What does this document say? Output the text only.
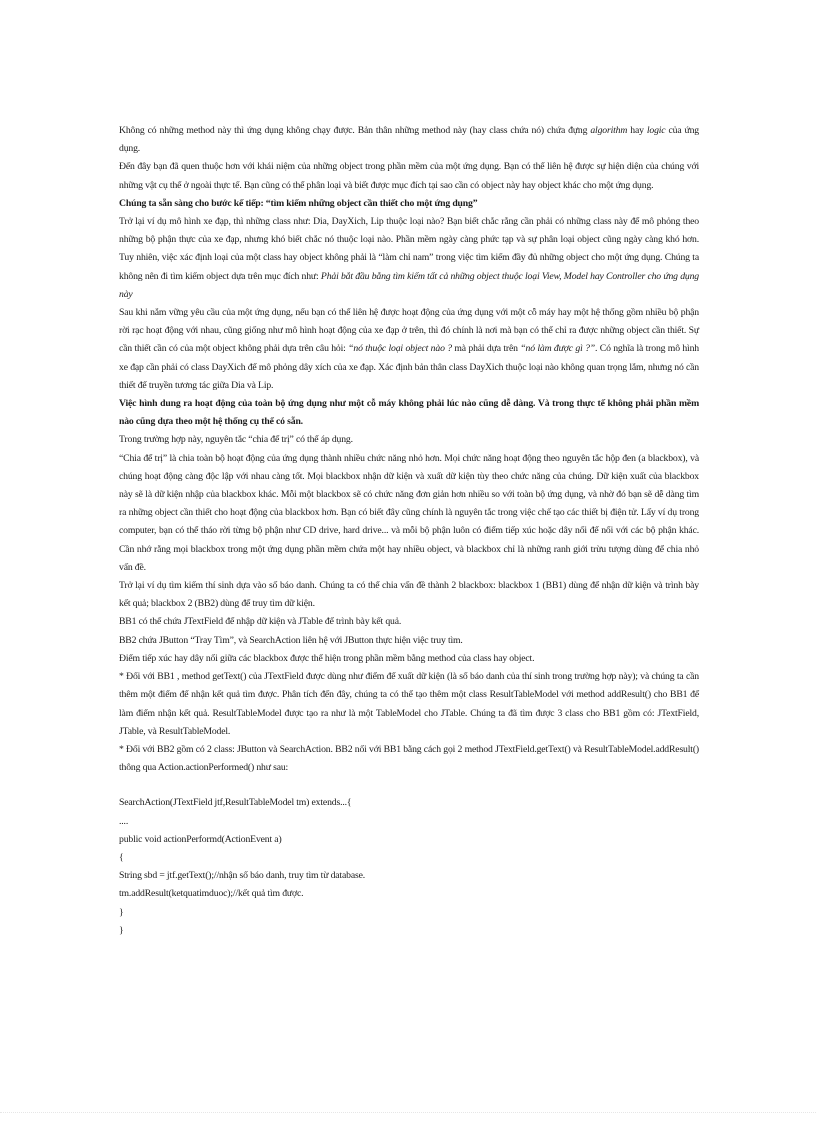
Không có những method này thì ứng dụng không chạy được. Bản thân những method này (hay class chứa nó) chứa đựng algorithm hay logic của ứng dụng.

Đến đây bạn đã quen thuộc hơn với khái niệm của những object trong phần mềm của một ứng dụng. Bạn có thể liên hệ được sự hiện diện của chúng với những vật cụ thể ở ngoài thực tế. Bạn cũng có thể phân loại và biết được mục đích tại sao cần có object này hay object khác cho một ứng dụng.

Chúng ta sẵn sàng cho bước kế tiếp: “tìm kiếm những object cần thiết cho một ứng dụng”

Trở lại ví dụ mô hình xe đạp, thì những class như: Dia, DayXich, Lip thuộc loại nào? Bạn biết chắc rằng cần phải có những class này để mô phỏng theo những bộ phận thực của xe đạp, nhưng khó biết chắc nó thuộc loại nào. Phần mềm ngày càng phức tạp và sự phân loại object cũng ngày càng khó hơn. Tuy nhiên, việc xác định loại của một class hay object không phải là “làm chỉ nam” trong việc tìm kiếm đầy đủ những object cho một ứng dụng. Chúng ta không nên đi tìm kiếm object dựa trên mục đích như: Phải bắt đầu bằng tìm kiếm tất cả những object thuộc loại View, Model hay Controller cho ứng dụng này

Sau khi nắm vững yêu cầu của một ứng dụng, nếu bạn có thể liên hệ được hoạt động của ứng dụng với một cỗ máy hay một hệ thống gồm nhiều bộ phận rời rạc hoạt động với nhau, cũng giống như mô hình hoạt động của xe đạp ở trên, thì đó chính là nơi mà bạn có thể chỉ ra được những object cần thiết. Sự cần thiết cần có của một object không phải dựa trên câu hỏi: “nó thuộc loại object nào ? mà phải dựa trên “nó làm được gì ?”. Có nghĩa là trong mô hình xe đạp cần phải có class DayXich để mô phỏng dây xích của xe đạp. Xác định bản thân class DayXich thuộc loại nào không quan trọng lắm, nhưng nó cần thiết để truyền tương tác giữa Dia và Lip.

Việc hình dung ra hoạt động của toàn bộ ứng dụng như một cỗ máy không phải lúc nào cũng dễ dàng. Và trong thực tế không phải phần mềm nào cũng dựa theo một hệ thống cụ thể có sẵn.

Trong trường hợp này, nguyên tắc “chia để trị” có thể áp dụng.

“Chia để trị” là chia toàn bộ hoạt động của ứng dụng thành nhiều chức năng nhỏ hơn. Mọi chức năng hoạt động theo nguyên tắc hộp đen (a blackbox), và chúng hoạt động càng độc lập với nhau càng tốt. Mọi blackbox nhận dữ kiện và xuất dữ kiện tùy theo chức năng của chúng. Dữ kiện xuất của blackbox này sẽ là dữ kiện nhập của blackbox khác. Mỗi một blackbox sẽ có chức năng đơn giản hơn nhiều so với toàn bộ ứng dụng, và nhờ đó bạn sẽ dễ dàng tìm ra những object cần thiết cho hoạt động của blackbox hơn. Bạn có biết đây cũng chính là nguyên tắc trong việc chế tạo các thiết bị điện tử. Lấy ví dụ trong computer, bạn có thể tháo rời từng bộ phận như CD drive, hard drive... và mỗi bộ phận luôn có điểm tiếp xúc hoặc dây nối để nối với các bộ phận khác. Cần nhớ rằng mọi blackbox trong một ứng dụng phần mềm chứa một hay nhiều object, và blackbox chỉ là những ranh giới trừu tượng dùng để chia nhỏ vấn đề.

Trở lại ví dụ tìm kiếm thí sinh dựa vào số báo danh. Chúng ta có thể chia vấn đề thành 2 blackbox: blackbox 1 (BB1) dùng để nhận dữ kiện và trình bày kết quả; blackbox 2 (BB2) dùng để truy tìm dữ kiện.

BB1 có thể chứa JTextField để nhập dữ kiện và JTable để trình bày kết quả.

BB2 chứa JButton “Tray Tìm”, và SearchAction liên hệ với JButton thực hiện việc truy tìm.

Điểm tiếp xúc hay dây nối giữa các blackbox được thể hiện trong phần mềm bằng method của class hay object.

* Đối với BB1 , method getText() của JTextField được dùng như điểm để xuất dữ kiện (là số báo danh của thí sinh trong trường hợp này); và chúng ta cần thêm một điểm để nhận kết quả tìm được. Phân tích đến đây, chúng ta có thể tạo thêm một class ResultTableModel với method addResult() cho BB1 để làm điểm nhận kết quả. ResultTableModel được tạo ra như là một TableModel cho JTable. Chúng ta đã tìm được 3 class cho BB1 gồm có: JTextField, JTable, và ResultTableModel.

* Đối với BB2 gồm có 2 class: JButton và SearchAction. BB2 nối với BB1 bằng cách gọi 2 method JTextField.getText() và ResultTableModel.addResult() thông qua Action.actionPerformed() như sau:

SearchAction(JTextField jtf,ResultTableModel tm) extends...{

....

public void actionPerformd(ActionEvent a)

{

String sbd = jtf.getText();//nhận số báo danh, truy tìm từ database.

tm.addResult(ketquatimduoc);//kết quả tìm được.

}

}
